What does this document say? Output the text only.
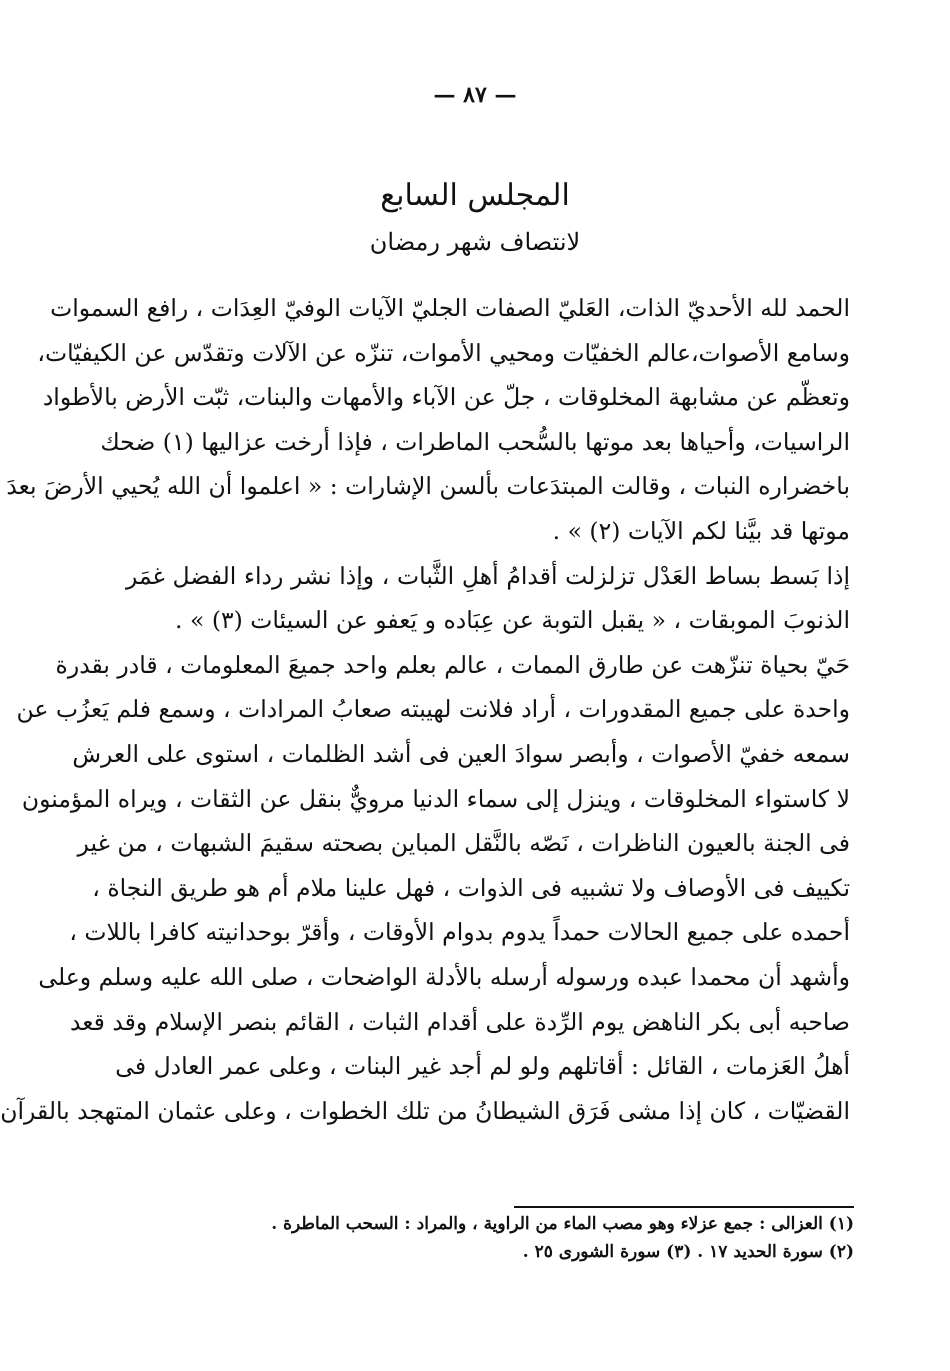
— ٨٧ —
المجلس السابع
لانتصاف شهر رمضان
الحمد لله الأحديّ الذات، العَليّ الصفات الجليّ الآيات الوفيّ العِدَات ، رافع السموات
وسامع الأصوات،عالم الخفيّات ومحيي الأموات، تنزّه عن الآلات وتقدّس عن الكيفيّات،
وتعظّم عن مشابهة المخلوقات ، جلّ عن الآباء والأمهات والبنات، ثبّت الأرض بالأطواد
الراسيات، وأحياها بعد موتها بالسُّحب الماطرات ، فإذا أرخت عزاليها (١) ضحك
باخضراره النبات ، وقالت المبتدَعات بألسن الإشارات : « اعلموا أن الله يُحيي الأرضَ بعدَ
موتها قد بيَّنا لكم الآيات (٢) » .
إذا بَسط بساط العَدْل تزلزلت أقدامُ أهلِ الثَّبات ، وإذا نشر رداء الفضل غمَر
الذنوبَ الموبقات ، « يقبل التوبة عن عِبَاده و يَعفو عن السيئات (٣) » .
حَيّ بحياة تنزّهت عن طارق الممات ، عالم بعلم واحد جميعَ المعلومات ، قادر بقدرة
واحدة على جميع المقدورات ، أراد فلانت لهيبته صعابُ المرادات ، وسمع فلم يَعزُب عن
سمعه خفيّ الأصوات ، وأبصر سوادَ العين فى أشد الظلمات ، استوى على العرش
لا كاستواء المخلوقات ، وينزل إلى سماء الدنيا مرويٌّ بنقل عن الثقات ، ويراه المؤمنون
فى الجنة بالعيون الناظرات ، نَصّه بالنَّقل المباين بصحته سقيمَ الشبهات ، من غير
تكييف فى الأوصاف ولا تشبيه فى الذوات ، فهل علينا ملام أم هو طريق النجاة ،
أحمده على جميع الحالات حمداً يدوم بدوام الأوقات ، وأقرّ بوحدانيته كافرا باللات ،
وأشهد أن محمدا عبده ورسوله أرسله بالأدلة الواضحات ، صلى الله عليه وسلم وعلى
صاحبه أبى بكر الناهض يوم الرِّدة على أقدام الثبات ، القائم بنصر الإسلام وقد قعد
أهلُ العَزمات ، القائل : أقاتلهم ولو لم أجد غير البنات ، وعلى عمر العادل فى
القضيّات ، كان إذا مشى فَرَق الشيطانُ من تلك الخطوات ، وعلى عثمان المتهجد بالقرآن
(١) العزالى : جمع عزلاء وهو مصب الماء من الراوية ، والمراد : السحب الماطرة .
(٢) سورة الحديد ١٧ . (٣) سورة الشورى ٢٥ .
